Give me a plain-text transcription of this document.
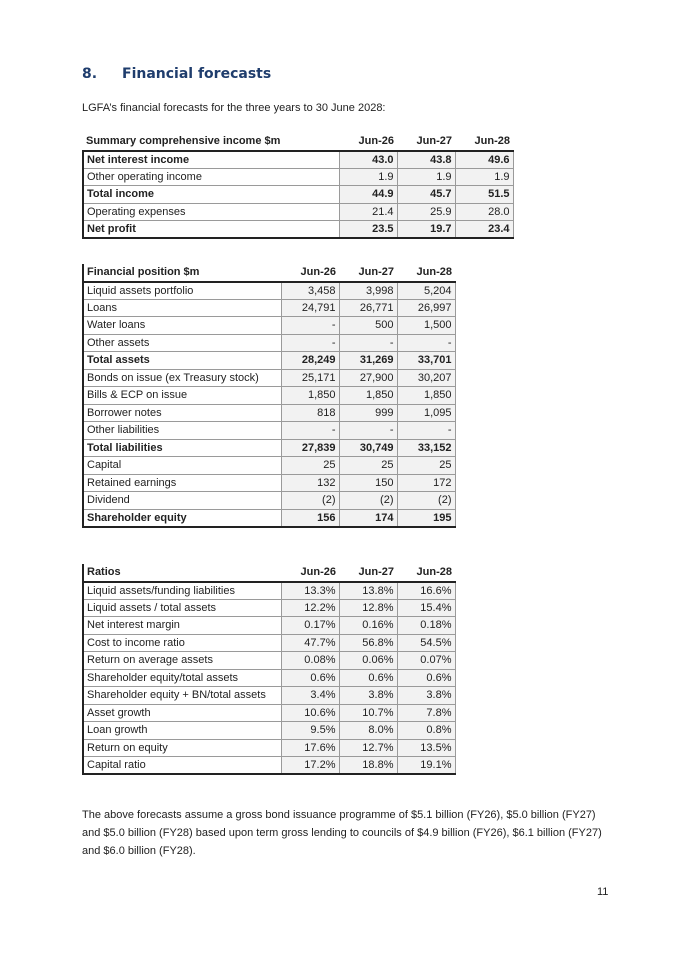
8. Financial forecasts
LGFA’s financial forecasts for the three years to 30 June 2028:
Summary comprehensive income $m	Jun-26	Jun-27	Jun-28
Net interest income	43.0	43.8	49.6
Other operating income	1.9	1.9	1.9
Total income	44.9	45.7	51.5
Operating expenses	21.4	25.9	28.0
Net profit	23.5	19.7	23.4
Financial position $m	Jun-26	Jun-27	Jun-28
Liquid assets portfolio	3,458	3,998	5,204
Loans	24,791	26,771	26,997
Water loans	-	500	1,500
Other assets	-	-	-
Total assets	28,249	31,269	33,701
Bonds on issue (ex Treasury stock)	25,171	27,900	30,207
Bills & ECP on issue	1,850	1,850	1,850
Borrower notes	818	999	1,095
Other liabilities	-	-	-
Total liabilities	27,839	30,749	33,152
Capital	25	25	25
Retained earnings	132	150	172
Dividend	(2)	(2)	(2)
Shareholder equity	156	174	195
Ratios	Jun-26	Jun-27	Jun-28
Liquid assets/funding liabilities	13.3%	13.8%	16.6%
Liquid assets / total assets	12.2%	12.8%	15.4%
Net interest margin	0.17%	0.16%	0.18%
Cost to income ratio	47.7%	56.8%	54.5%
Return on average assets	0.08%	0.06%	0.07%
Shareholder equity/total assets	0.6%	0.6%	0.6%
Shareholder equity + BN/total assets	3.4%	3.8%	3.8%
Asset growth	10.6%	10.7%	7.8%
Loan growth	9.5%	8.0%	0.8%
Return on equity	17.6%	12.7%	13.5%
Capital ratio	17.2%	18.8%	19.1%
The above forecasts assume a gross bond issuance programme of $5.1 billion (FY26), $5.0 billion (FY27) and $5.0 billion (FY28) based upon term gross lending to councils of $4.9 billion (FY26), $6.1 billion (FY27) and $6.0 billion (FY28).
11
